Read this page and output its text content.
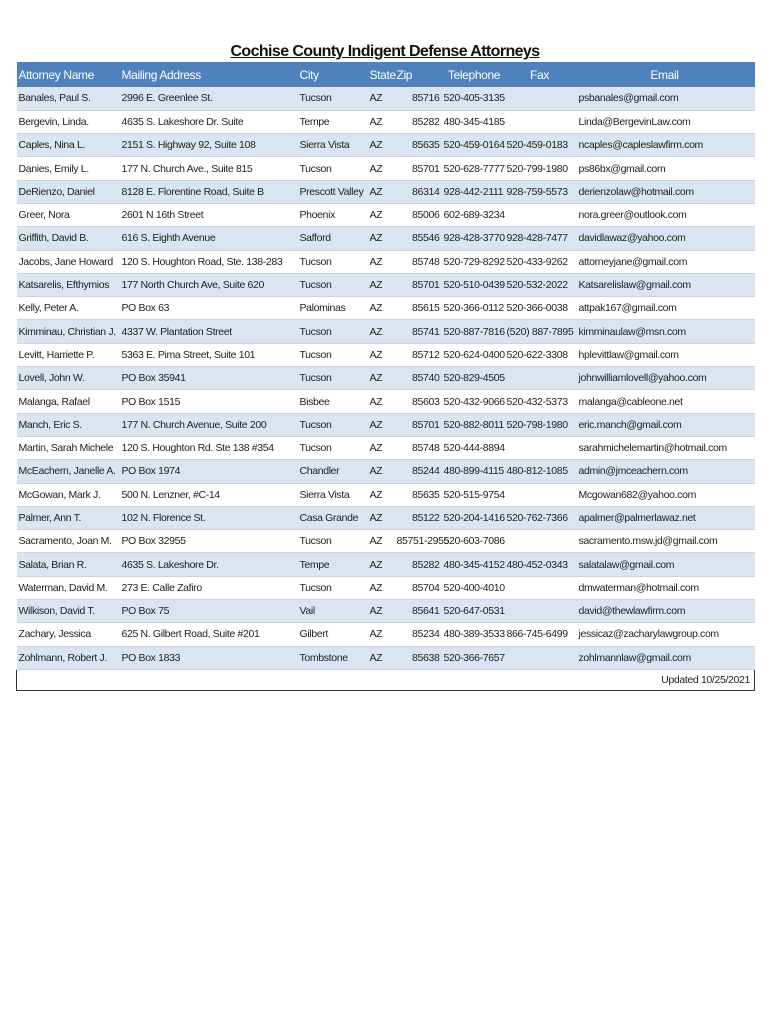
Cochise County Indigent Defense Attorneys
Attorney Name	Mailing Address	City	State	Zip	Telephone	Fax	Email
Banales, Paul S.	2996 E. Greenlee St.	Tucson	AZ	85716	520-405-3135		psbanales@gmail.com
Bergevin, Linda.	4635 S. Lakeshore Dr. Suite	Tempe	AZ	85282	480-345-4185		Linda@BergevinLaw.com
Caples, Nina L.	2151 S. Highway 92, Suite 108	Sierra Vista	AZ	85635	520-459-0164	520-459-0183	ncaples@capleslawfirm.com
Danies, Emily L.	177 N. Church Ave., Suite 815	Tucson	AZ	85701	520-628-7777	520-799-1980	ps86bx@gmail.com
DeRienzo, Daniel	8128 E. Florentine Road, Suite B	Prescott Valley	AZ	86314	928-442-2111	928-759-5573	derienzolaw@hotmail.com
Greer, Nora	2601 N 16th Street	Phoenix	AZ	85006	602-689-3234		nora.greer@outlook.com
Griffith, David B.	616 S. Eighth Avenue	Safford	AZ	85546	928-428-3770	928-428-7477	davidlawaz@yahoo.com
Jacobs, Jane Howard	120 S. Houghton Road, Ste. 138-283	Tucson	AZ	85748	520-729-8292	520-433-9262	attorneyjane@gmail.com
Katsarelis, Efthymios	177 North Church Ave, Suite 620	Tucson	AZ	85701	520-510-0439	520-532-2022	Katsarelislaw@gmail.com
Kelly, Peter A.	PO Box 63	Palominas	AZ	85615	520-366-0112	520-366-0038	attpak167@gmail.com
Kimminau, Christian J.	4337 W. Plantation Street	Tucson	AZ	85741	520-887-7816	(520) 887-7895	kimminaulaw@msn.com
Levitt, Harriette P.	5363 E. Pima Street, Suite 101	Tucson	AZ	85712	520-624-0400	520-622-3308	hplevittlaw@gmail.com
Lovell, John W.	PO Box 35941	Tucson	AZ	85740	520-829-4505		johnwilliamlovell@yahoo.com
Malanga, Rafael	PO Box 1515	Bisbee	AZ	85603	520-432-9066	520-432-5373	malanga@cableone.net
Manch, Eric S.	177 N. Church Avenue, Suite 200	Tucson	AZ	85701	520-882-8011	520-798-1980	eric.manch@gmail.com
Martin, Sarah Michele	120 S. Houghton Rd. Ste 138 #354	Tucson	AZ	85748	520-444-8894		sarahmichelemartin@hotmail.com
McEachern, Janelle A.	PO Box 1974	Chandler	AZ	85244	480-899-4115	480-812-1085	admin@jmceachern.com
McGowan, Mark J.	500 N. Lenzner, #C-14	Sierra Vista	AZ	85635	520-515-9754		Mcgowan682@yahoo.com
Palmer, Ann T.	102 N. Florence St.	Casa Grande	AZ	85122	520-204-1416	520-762-7366	apalmer@palmerlawaz.net
Sacramento, Joan M.	PO Box 32955	Tucson	AZ	85751-2955	520-603-7086		sacramento.msw.jd@gmail.com
Salata, Brian R.	4635 S. Lakeshore Dr.	Tempe	AZ	85282	480-345-4152	480-452-0343	salatalaw@gmail.com
Waterman, David M.	273 E. Calle Zafiro	Tucson	AZ	85704	520-400-4010		dmwaterman@hotmail.com
Wilkison, David T.	PO Box 75	Vail	AZ	85641	520-647-0531		david@thewlawfirm.com
Zachary, Jessica	625 N. Gilbert Road, Suite #201	Gilbert	AZ	85234	480-389-3533	866-745-6499	jessicaz@zacharylawgroup.com
Zohlmann, Robert J.	PO Box 1833	Tombstone	AZ	85638	520-366-7657		zohlmannlaw@gmail.com
Updated 10/25/2021							
